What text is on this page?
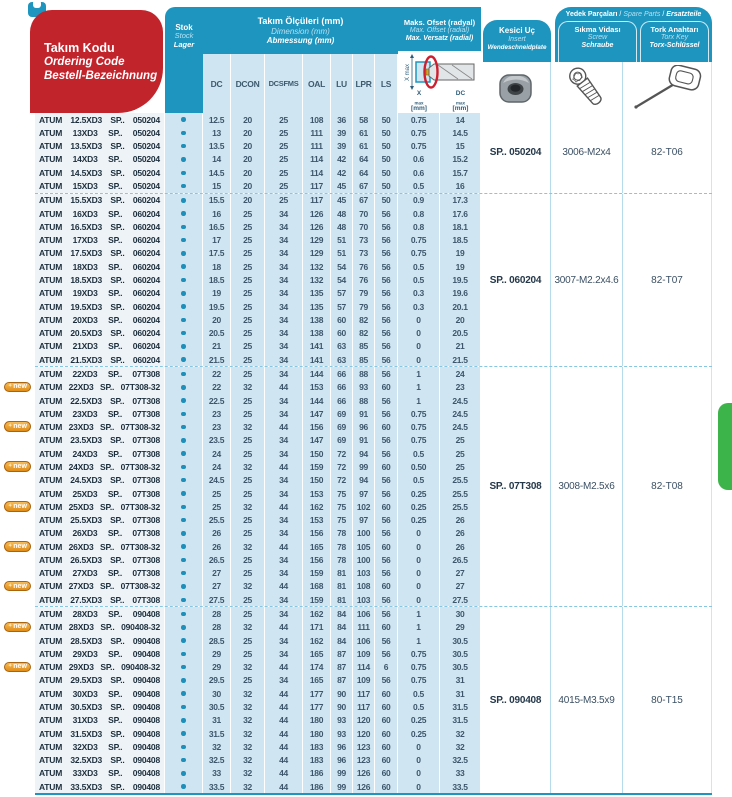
Stok
Stock
Lager
Takım Ölçüleri (mm)
Dimension (mm)
Abmessung (mm)
DC	DCON	DCSFMS	OAL	LU	LPR	LS
Maks. Ofset (radyal)
Max. Offset (radial)
Max. Versatz (radial)
X max
X
$_{max}$
[mm]
DC
$_{max}$
[mm]
Kesici Uç
Insert
Wendeschneidplate
Yedek Parçaları / Spare Parts / Ersatzteile
Sıkma Vidası
Screw
Schraube
Tork Anahtarı
Torx Key
Torx-Schlüssel
Takım Kodu
Ordering Code
Bestell-Bezeichnung
ATUM 12.5XD3 SP.. 050204	12.5	20	25	108	36	58	50	0.75	14
ATUM 13XD3 SP.. 050204	13	20	25	111	39	61	50	0.75	14.5
ATUM 13.5XD3 SP.. 050204	13.5	20	25	111	39	61	50	0.75	15
ATUM 14XD3 SP.. 050204	14	20	25	114	42	64	50	0.6	15.2
ATUM 14.5XD3 SP.. 050204	14.5	20	25	114	42	64	50	0.6	15.7
ATUM 15XD3 SP.. 050204	15	20	25	117	45	67	50	0.5	16
SP.. 050204	3006-M2x4	82-T06
ATUM 15.5XD3 SP.. 060204	15.5	20	25	117	45	67	50	0.9	17.3
ATUM 16XD3 SP.. 060204	16	25	34	126	48	70	56	0.8	17.6
ATUM 16.5XD3 SP.. 060204	16.5	25	34	126	48	70	56	0.8	18.1
ATUM 17XD3 SP.. 060204	17	25	34	129	51	73	56	0.75	18.5
ATUM 17.5XD3 SP.. 060204	17.5	25	34	129	51	73	56	0.75	19
ATUM 18XD3 SP.. 060204	18	25	34	132	54	76	56	0.5	19
ATUM 18.5XD3 SP.. 060204	18.5	25	34	132	54	76	56	0.5	19.5
ATUM 19XD3 SP.. 060204	19	25	34	135	57	79	56	0.3	19.6
ATUM 19.5XD3 SP.. 060204	19.5	25	34	135	57	79	56	0.3	20.1
ATUM 20XD3 SP.. 060204	20	25	34	138	60	82	56	0	20
ATUM 20.5XD3 SP.. 060204	20.5	25	34	138	60	82	56	0	20.5
ATUM 21XD3 SP.. 060204	21	25	34	141	63	85	56	0	21
ATUM 21.5XD3 SP.. 060204	21.5	25	34	141	63	85	56	0	21.5
SP.. 060204	3007-M2.2x4.6	82-T07
ATUM 22XD3 SP.. 07T308	22	25	34	144	66	88	56	1	24
✦ new ATUM 22XD3 SP.. 07T308-32	22	32	44	153	66	93	60	1	23
ATUM 22.5XD3 SP.. 07T308	22.5	25	34	144	66	88	56	1	24.5
ATUM 23XD3 SP.. 07T308	23	25	34	147	69	91	56	0.75	24.5
✦ new ATUM 23XD3 SP.. 07T308-32	23	32	44	156	69	96	60	0.75	24.5
ATUM 23.5XD3 SP.. 07T308	23.5	25	34	147	69	91	56	0.75	25
ATUM 24XD3 SP.. 07T308	24	25	34	150	72	94	56	0.5	25
✦ new ATUM 24XD3 SP.. 07T308-32	24	32	44	159	72	99	60	0.50	25
ATUM 24.5XD3 SP.. 07T308	24.5	25	34	150	72	94	56	0.5	25.5
ATUM 25XD3 SP.. 07T308	25	25	34	153	75	97	56	0.25	25.5
✦ new ATUM 25XD3 SP.. 07T308-32	25	32	44	162	75	102	60	0.25	25.5
ATUM 25.5XD3 SP.. 07T308	25.5	25	34	153	75	97	56	0.25	26
ATUM 26XD3 SP.. 07T308	26	25	34	156	78	100	56	0	26
✦ new ATUM 26XD3 SP.. 07T308-32	26	32	44	165	78	105	60	0	26
ATUM 26.5XD3 SP.. 07T308	26.5	25	34	156	78	100	56	0	26.5
ATUM 27XD3 SP.. 07T308	27	25	34	159	81	103	56	0	27
✦ new ATUM 27XD3 SP.. 07T308-32	27	32	44	168	81	108	60	0	27
ATUM 27.5XD3 SP.. 07T308	27.5	25	34	159	81	103	56	0	27.5
SP.. 07T308	3008-M2.5x6	82-T08
ATUM 28XD3 SP.. 090408	28	25	34	162	84	106	56	1	30
✦ new ATUM 28XD3 SP.. 090408-32	28	32	44	171	84	111	60	1	29
ATUM 28.5XD3 SP.. 090408	28.5	25	34	162	84	106	56	1	30.5
ATUM 29XD3 SP.. 090408	29	25	34	165	87	109	56	0.75	30.5
✦ new ATUM 29XD3 SP.. 090408-32	29	32	44	174	87	114	6	0.75	30.5
ATUM 29.5XD3 SP.. 090408	29.5	25	34	165	87	109	56	0.75	31
ATUM 30XD3 SP.. 090408	30	32	44	177	90	117	60	0.5	31
ATUM 30.5XD3 SP.. 090408	30.5	32	44	177	90	117	60	0.5	31.5
ATUM 31XD3 SP.. 090408	31	32	44	180	93	120	60	0.25	31.5
ATUM 31.5XD3 SP.. 090408	31.5	32	44	180	93	120	60	0.25	32
ATUM 32XD3 SP.. 090408	32	32	44	183	96	123	60	0	32
ATUM 32.5XD3 SP.. 090408	32.5	32	44	183	96	123	60	0	32.5
ATUM 33XD3 SP.. 090408	33	32	44	186	99	126	60	0	33
ATUM 33.5XD3 SP.. 090408	33.5	32	44	186	99	126	60	0	33.5
SP.. 090408	4015-M3.5x9	80-T15
